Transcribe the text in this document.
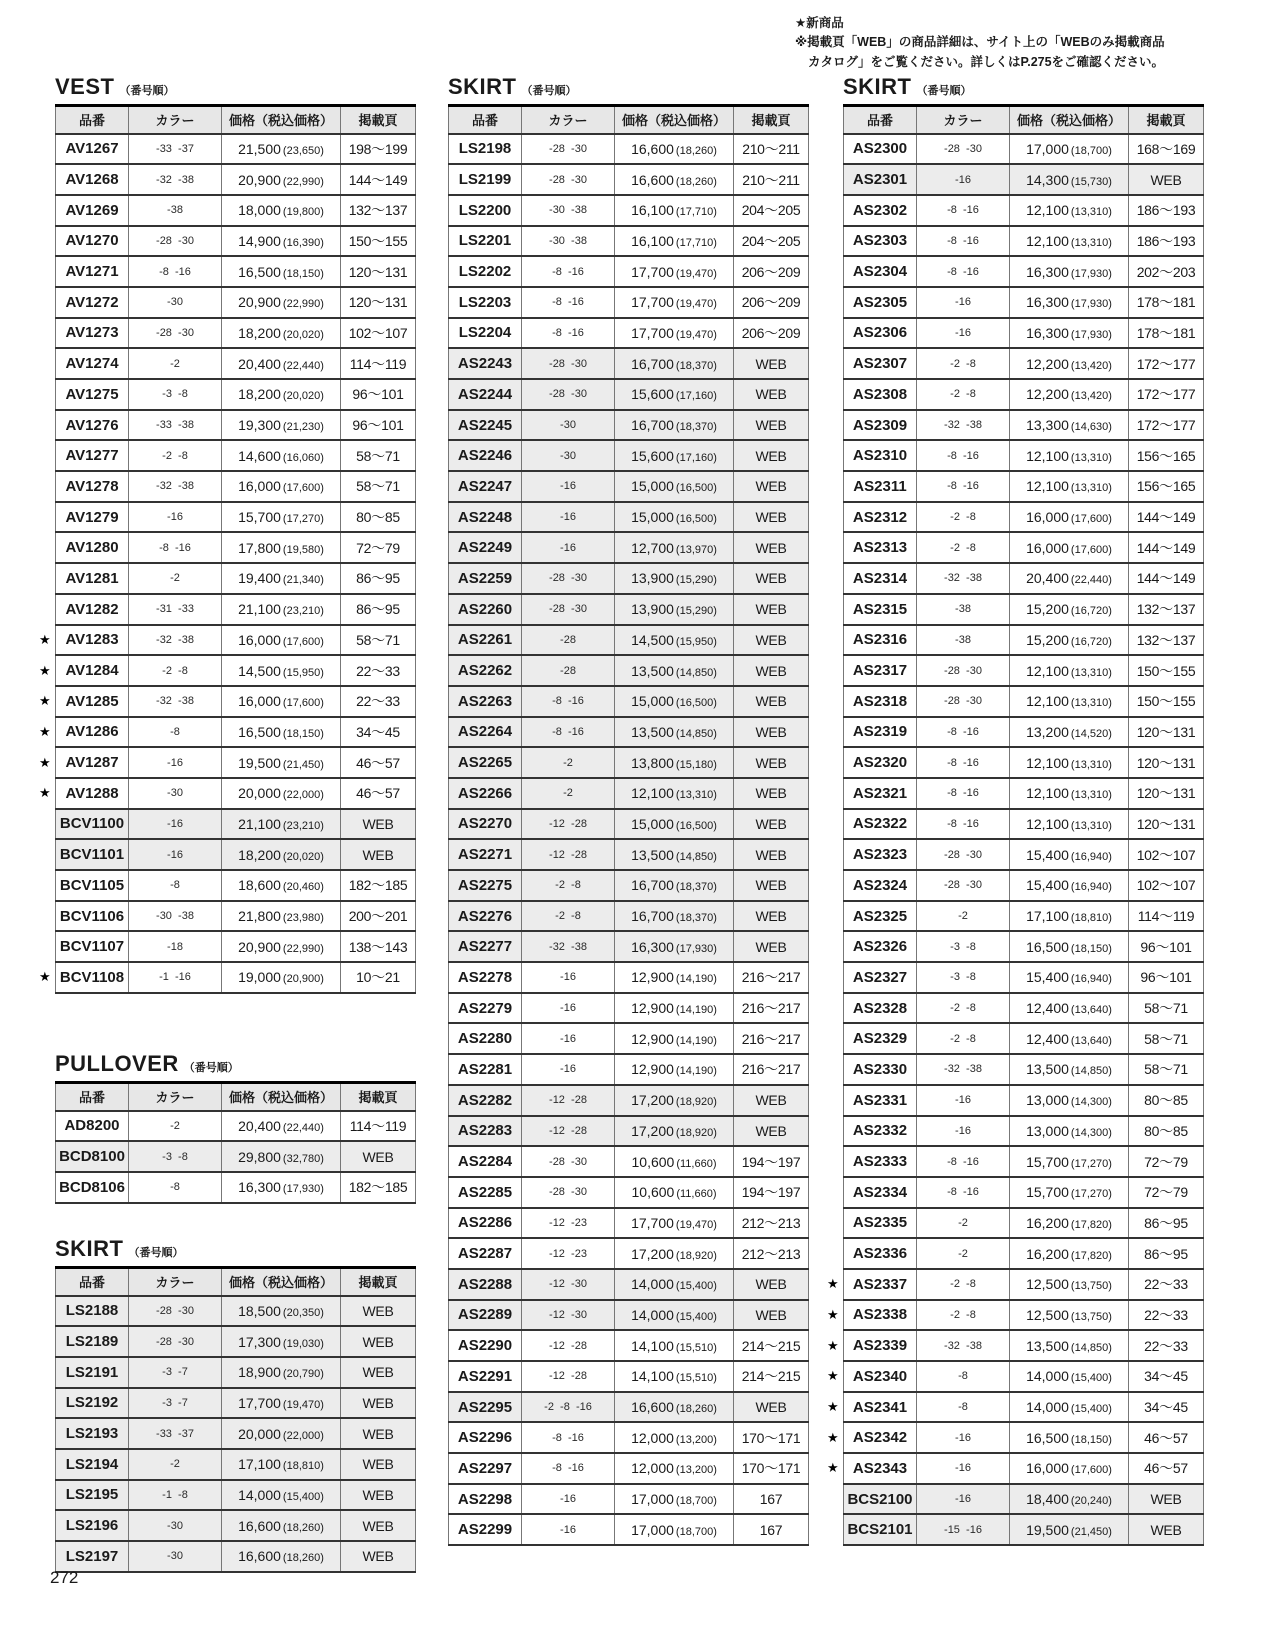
★新商品
※掲載頁「WEB」の商品詳細は、サイト上の「WEBのみ掲載商品
カタログ」をご覧ください。詳しくはP.275をご確認ください。
VEST （番号順）
品番	カラー	価格（税込価格）	掲載頁
AV1267	-33  -37	21,500 (23,650)	198～199
AV1268	-32  -38	20,900 (22,990)	144～149
AV1269	-38	18,000 (19,800)	132～137
AV1270	-28  -30	14,900 (16,390)	150～155
AV1271	-8  -16	16,500 (18,150)	120～131
AV1272	-30	20,900 (22,990)	120～131
AV1273	-28  -30	18,200 (20,020)	102～107
AV1274	-2	20,400 (22,440)	114～119
AV1275	-3  -8	18,200 (20,020)	96～101
AV1276	-33  -38	19,300 (21,230)	96～101
AV1277	-2  -8	14,600 (16,060)	58～71
AV1278	-32  -38	16,000 (17,600)	58～71
AV1279	-16	15,700 (17,270)	80～85
AV1280	-8  -16	17,800 (19,580)	72～79
AV1281	-2	19,400 (21,340)	86～95
AV1282	-31  -33	21,100 (23,210)	86～95

★ AV1283	-32  -38	16,000 (17,600)	58～71

★ AV1284	-2  -8	14,500 (15,950)	22～33

★ AV1285	-32  -38	16,000 (17,600)	22～33

★ AV1286	-8	16,500 (18,150)	34～45

★ AV1287	-16	19,500 (21,450)	46～57

★ AV1288	-30	20,000 (22,000)	46～57
BCV1100	-16	21,100 (23,210)	WEB
BCV1101	-16	18,200 (20,020)	WEB
BCV1105	-8	18,600 (20,460)	182～185
BCV1106	-30  -38	21,800 (23,980)	200～201
BCV1107	-18	20,900 (22,990)	138～143

★ BCV1108	-1  -16	19,000 (20,900)	10～21
PULLOVER （番号順）
品番	カラー	価格（税込価格）	掲載頁
AD8200	-2	20,400 (22,440)	114～119
BCD8100	-3  -8	29,800 (32,780)	WEB
BCD8106	-8	16,300 (17,930)	182～185
SKIRT （番号順）
品番	カラー	価格（税込価格）	掲載頁
LS2188	-28  -30	18,500 (20,350)	WEB
LS2189	-28  -30	17,300 (19,030)	WEB
LS2191	-3  -7	18,900 (20,790)	WEB
LS2192	-3  -7	17,700 (19,470)	WEB
LS2193	-33  -37	20,000 (22,000)	WEB
LS2194	-2	17,100 (18,810)	WEB
LS2195	-1  -8	14,000 (15,400)	WEB
LS2196	-30	16,600 (18,260)	WEB
LS2197	-30	16,600 (18,260)	WEB
SKIRT （番号順）
品番	カラー	価格（税込価格）	掲載頁
LS2198	-28  -30	16,600 (18,260)	210～211
LS2199	-28  -30	16,600 (18,260)	210～211
LS2200	-30  -38	16,100 (17,710)	204～205
LS2201	-30  -38	16,100 (17,710)	204～205
LS2202	-8  -16	17,700 (19,470)	206～209
LS2203	-8  -16	17,700 (19,470)	206～209
LS2204	-8  -16	17,700 (19,470)	206～209
AS2243	-28  -30	16,700 (18,370)	WEB
AS2244	-28  -30	15,600 (17,160)	WEB
AS2245	-30	16,700 (18,370)	WEB
AS2246	-30	15,600 (17,160)	WEB
AS2247	-16	15,000 (16,500)	WEB
AS2248	-16	15,000 (16,500)	WEB
AS2249	-16	12,700 (13,970)	WEB
AS2259	-28  -30	13,900 (15,290)	WEB
AS2260	-28  -30	13,900 (15,290)	WEB
AS2261	-28	14,500 (15,950)	WEB
AS2262	-28	13,500 (14,850)	WEB
AS2263	-8  -16	15,000 (16,500)	WEB
AS2264	-8  -16	13,500 (14,850)	WEB
AS2265	-2	13,800 (15,180)	WEB
AS2266	-2	12,100 (13,310)	WEB
AS2270	-12  -28	15,000 (16,500)	WEB
AS2271	-12  -28	13,500 (14,850)	WEB
AS2275	-2  -8	16,700 (18,370)	WEB
AS2276	-2  -8	16,700 (18,370)	WEB
AS2277	-32  -38	16,300 (17,930)	WEB
AS2278	-16	12,900 (14,190)	216～217
AS2279	-16	12,900 (14,190)	216～217
AS2280	-16	12,900 (14,190)	216～217
AS2281	-16	12,900 (14,190)	216～217
AS2282	-12  -28	17,200 (18,920)	WEB
AS2283	-12  -28	17,200 (18,920)	WEB
AS2284	-28  -30	10,600 (11,660)	194～197
AS2285	-28  -30	10,600 (11,660)	194～197
AS2286	-12  -23	17,700 (19,470)	212～213
AS2287	-12  -23	17,200 (18,920)	212～213
AS2288	-12  -30	14,000 (15,400)	WEB
AS2289	-12  -30	14,000 (15,400)	WEB
AS2290	-12  -28	14,100 (15,510)	214～215
AS2291	-12  -28	14,100 (15,510)	214～215
AS2295	-2  -8  -16	16,600 (18,260)	WEB
AS2296	-8  -16	12,000 (13,200)	170～171
AS2297	-8  -16	12,000 (13,200)	170～171
AS2298	-16	17,000 (18,700)	167
AS2299	-16	17,000 (18,700)	167
SKIRT （番号順）
品番	カラー	価格（税込価格）	掲載頁
AS2300	-28  -30	17,000 (18,700)	168～169
AS2301	-16	14,300 (15,730)	WEB
AS2302	-8  -16	12,100 (13,310)	186～193
AS2303	-8  -16	12,100 (13,310)	186～193
AS2304	-8  -16	16,300 (17,930)	202～203
AS2305	-16	16,300 (17,930)	178～181
AS2306	-16	16,300 (17,930)	178～181
AS2307	-2  -8	12,200 (13,420)	172～177
AS2308	-2  -8	12,200 (13,420)	172～177
AS2309	-32  -38	13,300 (14,630)	172～177
AS2310	-8  -16	12,100 (13,310)	156～165
AS2311	-8  -16	12,100 (13,310)	156～165
AS2312	-2  -8	16,000 (17,600)	144～149
AS2313	-2  -8	16,000 (17,600)	144～149
AS2314	-32  -38	20,400 (22,440)	144～149
AS2315	-38	15,200 (16,720)	132～137
AS2316	-38	15,200 (16,720)	132～137
AS2317	-28  -30	12,100 (13,310)	150～155
AS2318	-28  -30	12,100 (13,310)	150～155
AS2319	-8  -16	13,200 (14,520)	120～131
AS2320	-8  -16	12,100 (13,310)	120～131
AS2321	-8  -16	12,100 (13,310)	120～131
AS2322	-8  -16	12,100 (13,310)	120～131
AS2323	-28  -30	15,400 (16,940)	102～107
AS2324	-28  -30	15,400 (16,940)	102～107
AS2325	-2	17,100 (18,810)	114～119
AS2326	-3  -8	16,500 (18,150)	96～101
AS2327	-3  -8	15,400 (16,940)	96～101
AS2328	-2  -8	12,400 (13,640)	58～71
AS2329	-2  -8	12,400 (13,640)	58～71
AS2330	-32  -38	13,500 (14,850)	58～71
AS2331	-16	13,000 (14,300)	80～85
AS2332	-16	13,000 (14,300)	80～85
AS2333	-8  -16	15,700 (17,270)	72～79
AS2334	-8  -16	15,700 (17,270)	72～79
AS2335	-2	16,200 (17,820)	86～95
AS2336	-2	16,200 (17,820)	86～95

★ AS2337	-2  -8	12,500 (13,750)	22～33

★ AS2338	-2  -8	12,500 (13,750)	22～33

★ AS2339	-32  -38	13,500 (14,850)	22～33

★ AS2340	-8	14,000 (15,400)	34～45

★ AS2341	-8	14,000 (15,400)	34～45

★ AS2342	-16	16,500 (18,150)	46～57

★ AS2343	-16	16,000 (17,600)	46～57
BCS2100	-16	18,400 (20,240)	WEB
BCS2101	-15  -16	19,500 (21,450)	WEB
272
